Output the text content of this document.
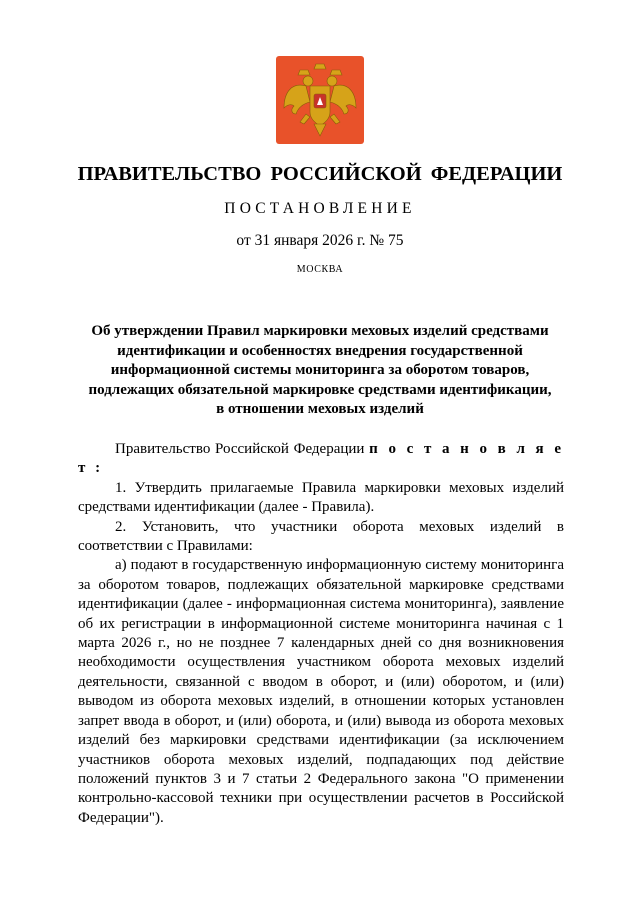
ПРАВИТЕЛЬСТВО РОССИЙСКОЙ ФЕДЕРАЦИИ
ПОСТАНОВЛЕНИЕ
от 31 января 2026 г. № 75
МОСКВА
Об утверждении Правил маркировки меховых изделий средствами
идентификации и особенностях внедрения государственной
информационной системы мониторинга за оборотом товаров,
подлежащих обязательной маркировке средствами идентификации,
в отношении меховых изделий

Правительство Российской Федерации п о с т а н о в л я е т :

1. Утвердить прилагаемые Правила маркировки меховых изделий средствами идентификации (далее - Правила).

2. Установить, что участники оборота меховых изделий в соответствии с Правилами:

а) подают в государственную информационную систему мониторинга за оборотом товаров, подлежащих обязательной маркировке средствами идентификации (далее - информационная система мониторинга), заявление об их регистрации в информационной системе мониторинга начиная с 1 марта 2026 г., но не позднее 7 календарных дней со дня возникновения необходимости осуществления участником оборота меховых изделий деятельности, связанной с вводом в оборот, и (или) оборотом, и (или) выводом из оборота меховых изделий, в отношении которых установлен запрет ввода в оборот, и (или) оборота, и (или) вывода из оборота меховых изделий без маркировки средствами идентификации (за исключением участников оборота меховых изделий, подпадающих под действие положений пунктов 3 и 7 статьи 2 Федерального закона "О применении контрольно-кассовой техники при осуществлении расчетов в Российской Федерации").
